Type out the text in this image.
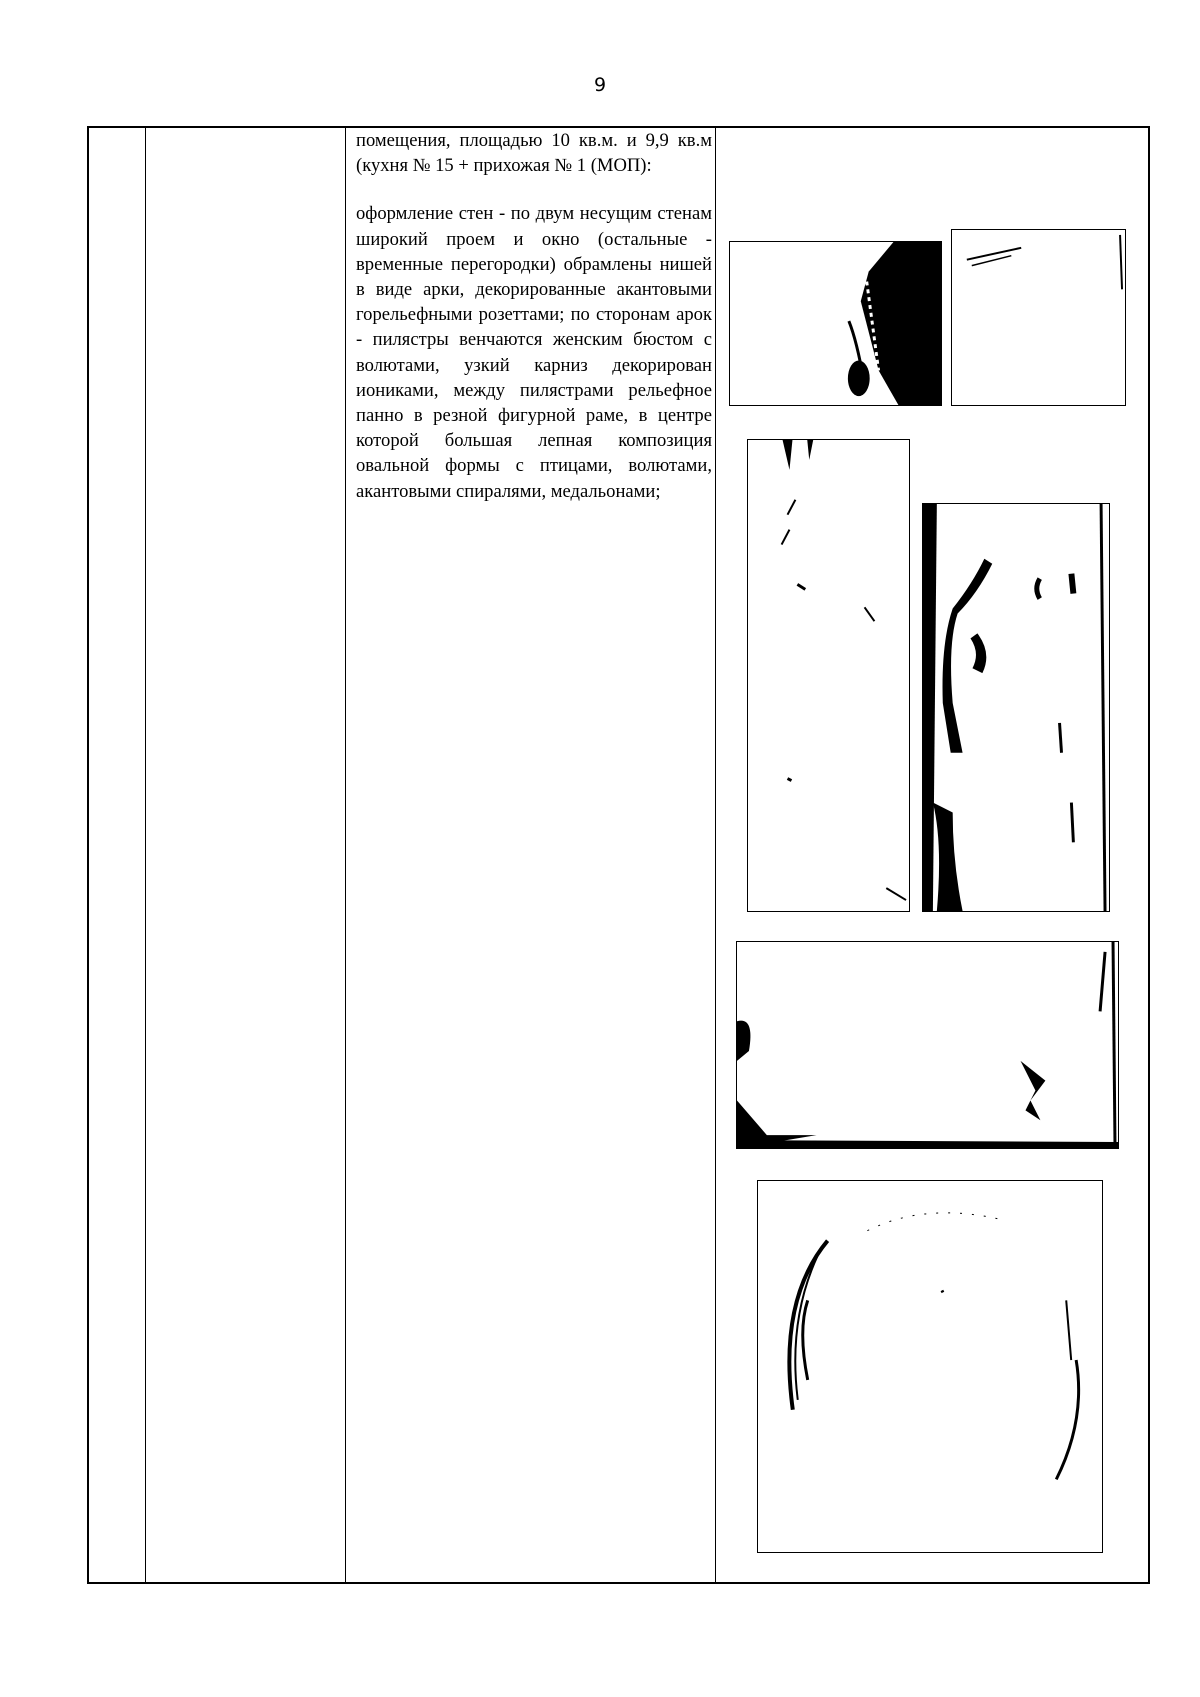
9

помещения, площадью 10 кв.м. и 9,9 кв.м (кухня № 15 + прихожая № 1 (МОП):

оформление стен - по двум несущим стенам широкий проем и окно (остальные - временные перегородки) обрамлены нишей в виде арки, декорированные акантовыми горельефными розеттами; по сторонам арок - пилястры венчаются женским бюстом с волютами, узкий карниз декорирован иониками, между пилястрами рельефное панно в резной фигурной раме, в центре которой большая лепная композиция овальной формы с птицами, волютами, акантовыми спиралями, медальонами;
